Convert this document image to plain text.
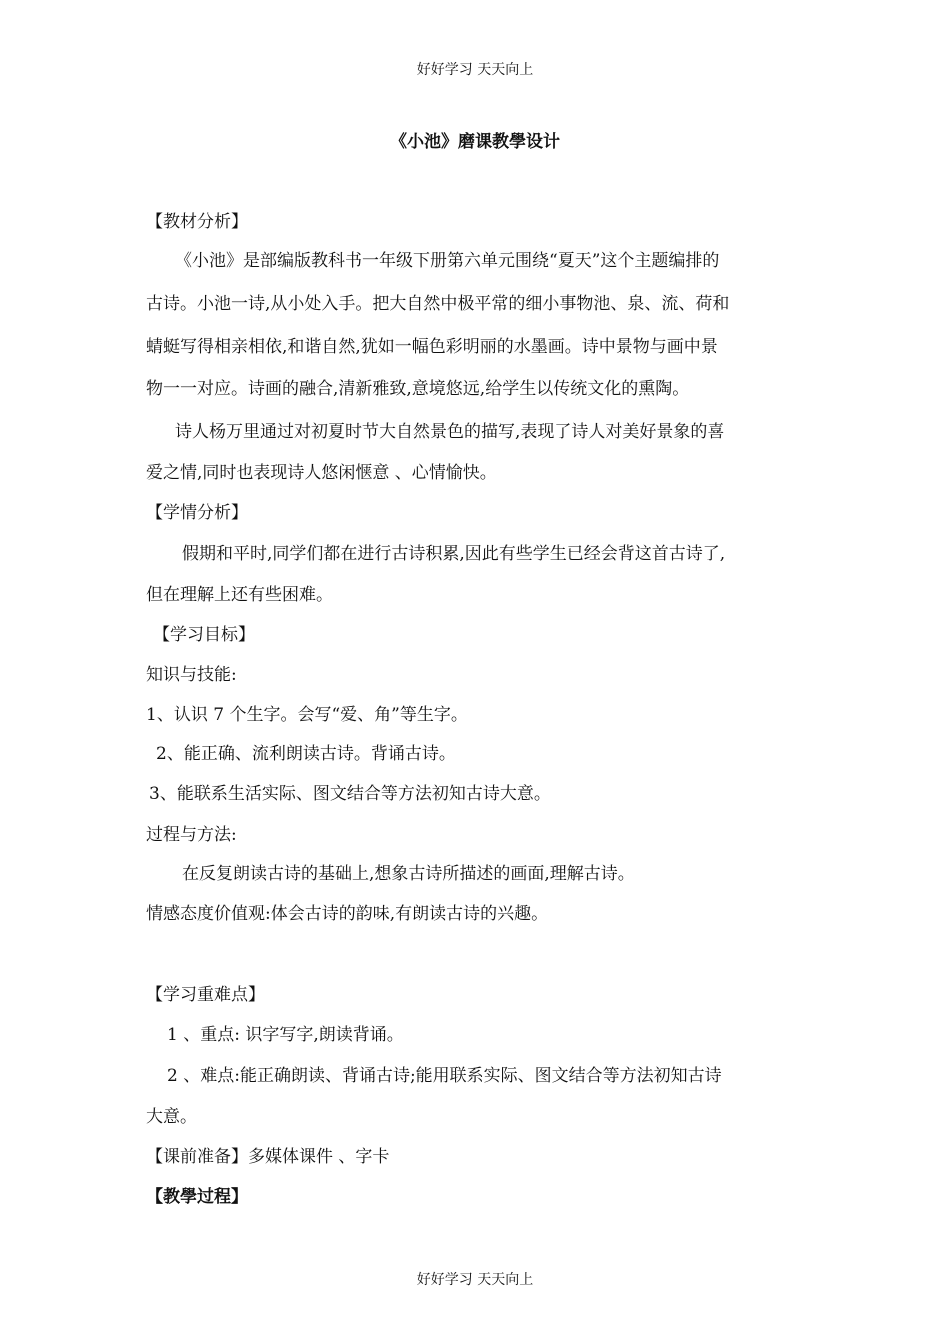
好好学习 天天向上
《小池》磨课教學设计
【教材分析】
《小池》是部编版教科书一年级下册第六单元围绕“夏天”这个主题编排的
古诗。小池一诗,从小处入手。把大自然中极平常的细小事物池、泉、流、荷和
蜻蜓写得相亲相依,和谐自然,犹如一幅色彩明丽的水墨画。诗中景物与画中景
物一一对应。诗画的融合,清新雅致,意境悠远,给学生以传统文化的熏陶。
诗人杨万里通过对初夏时节大自然景色的描写,表现了诗人对美好景象的喜
爱之情,同时也表现诗人悠闲惬意 、心情愉快。
【学情分析】
假期和平时,同学们都在进行古诗积累,因此有些学生已经会背这首古诗了,
但在理解上还有些困难。
【学习目标】
知识与技能:
1、认识 7 个生字。会写“爱、角”等生字。
2、能正确、流利朗读古诗。背诵古诗。
3、能联系生活实际、图文结合等方法初知古诗大意。
过程与方法:
在反复朗读古诗的基础上,想象古诗所描述的画面,理解古诗。
情感态度价值观:体会古诗的韵味,有朗读古诗的兴趣。
【学习重难点】
1 、重点: 识字写字,朗读背诵。
2 、难点:能正确朗读、背诵古诗;能用联系实际、图文结合等方法初知古诗
大意。
【课前准备】多媒体课件 、字卡
【教學过程】
好好学习 天天向上
